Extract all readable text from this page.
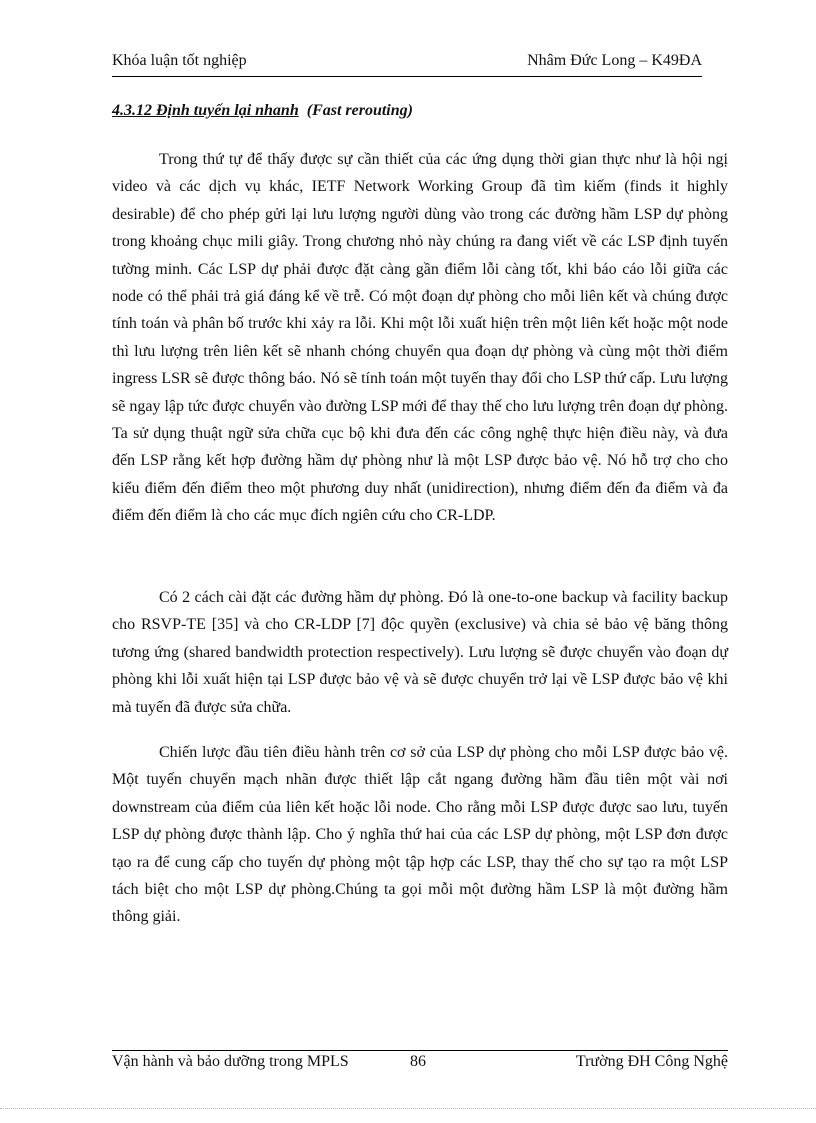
Khóa luận tốt nghiệp	Nhâm Đức Long – K49ĐA
4.3.12 Định tuyến lại nhanh (Fast rerouting)

Trong thứ tự để thấy được sự cần thiết của các ứng dụng thời gian thực như là hội ngị video và các dịch vụ khác, IETF Network Working Group đã tìm kiếm (finds it highly desirable) để cho phép gửi lại lưu lượng người dùng vào trong các đường hầm LSP dự phòng trong khoảng chục mili giây. Trong chương nhỏ này chúng ra đang viết về các LSP định tuyến tường minh. Các LSP dự phải được đặt càng gần điểm lỗi càng tốt, khi báo cáo lỗi giữa các node có thể phải trả giá đáng kể về trễ. Có một đoạn dự phòng cho mỗi liên kết và chúng được tính toán và phân bố trước khi xảy ra lỗi. Khi một lỗi xuất hiện trên một liên kết hoặc một node thì lưu lượng trên liên kết sẽ nhanh chóng chuyển qua đoạn dự phòng và cùng một thời điểm ingress LSR sẽ được thông báo. Nó sẽ tính toán một tuyến thay đổi cho LSP thứ cấp. Lưu lượng sẽ ngay lập tức được chuyển vào đường LSP mới để thay thế cho lưu lượng trên đoạn dự phòng. Ta sử dụng thuật ngữ sửa chữa cục bộ khi đưa đến các công nghệ thực hiện điều này, và đưa đến LSP rằng kết hợp đường hầm dự phòng như là một LSP được bảo vệ. Nó hỗ trợ cho cho kiểu điểm đến điểm theo một phương duy nhất (unidirection), nhưng điểm đến đa điểm và đa điểm đến điểm là cho các mục đích ngiên cứu cho CR-LDP.

Có 2 cách cài đặt các đường hầm dự phòng. Đó là one-to-one backup và facility backup cho RSVP-TE [35] và cho CR-LDP [7] độc quyền (exclusive) và chia sẻ bảo vệ băng thông tương ứng (shared bandwidth protection respectively). Lưu lượng sẽ được chuyển vào đoạn dự phòng khi lỗi xuất hiện tại LSP được bảo vệ và sẽ được chuyển trở lại về LSP được bảo vệ khi mà tuyến đã được sửa chữa.

Chiến lược đầu tiên điều hành trên cơ sở của LSP dự phòng cho mỗi LSP được bảo vệ. Một tuyến chuyển mạch nhãn được thiết lập cắt ngang đường hầm đầu tiên một vài nơi downstream của điểm của liên kết hoặc lỗi node. Cho rằng mỗi LSP được được sao lưu, tuyến LSP dự phòng được thành lập. Cho ý nghĩa thứ hai của các LSP dự phòng, một LSP đơn được tạo ra để cung cấp cho tuyến dự phòng một tập hợp các LSP, thay thế cho sự tạo ra một LSP tách biệt cho một LSP dự phòng.Chúng ta gọi mỗi một đường hầm LSP là một đường hầm thông giải.

Vận hành và bảo dưỡng trong MPLS	86	Trường ĐH Công Nghệ
